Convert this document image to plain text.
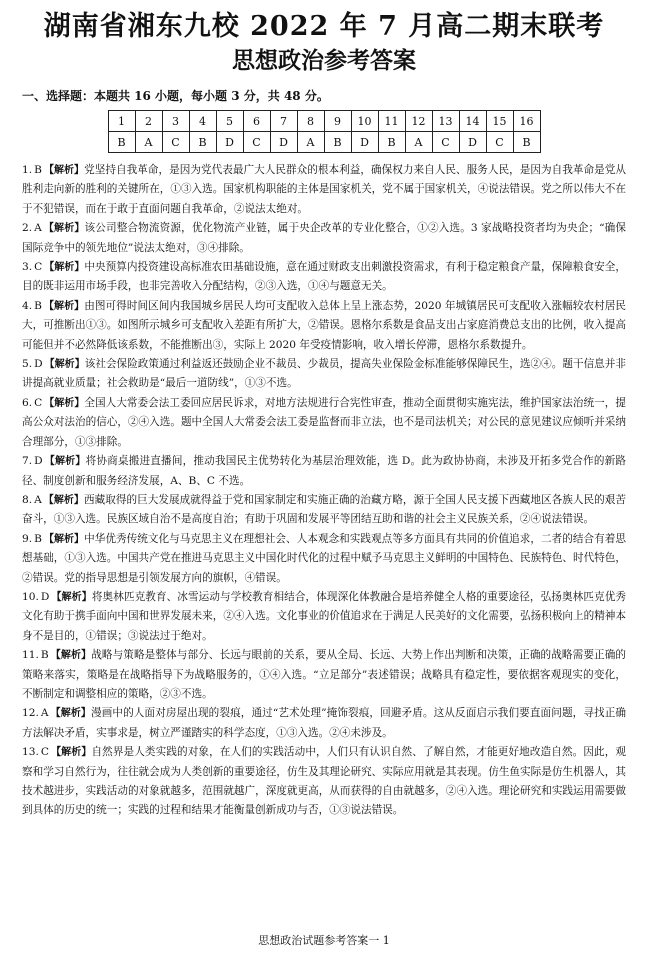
湖南省湘东九校 2022 年 7 月高二期末联考
思想政治参考答案
一、选择题：本题共 16 小题，每小题 3 分，共 48 分。
1	2	3	4	5	6	7	8	9	10	11	12	13	14	15	16
B	A	C	B	D	C	D	A	B	D	B	A	C	D	C	B

1. B 【解析】党坚持自我革命，是因为党代表最广大人民群众的根本利益，确保权力来自人民、服务人民，是因为自我革命是党从胜利走向新的胜利的关键所在，①③入选。国家机构职能的主体是国家机关，党不属于国家机关，④说法错误。党之所以伟大不在于不犯错误，而在于敢于直面问题自我革命，②说法太绝对。

2. A 【解析】该公司整合物流资源，优化物流产业链，属于央企改革的专业化整合，①②入选。3 家战略投资者均为央企；“确保国际竞争中的领先地位”说法太绝对，③④排除。

3. C 【解析】中央预算内投资建设高标准农田基础设施，意在通过财政支出刺激投资需求，有利于稳定粮食产量，保障粮食安全，目的既非运用市场手段，也非完善收入分配结构，②③入选，①④与题意无关。

4. B 【解析】由图可得时间区间内我国城乡居民人均可支配收入总体上呈上涨态势，2020 年城镇居民可支配收入涨幅较农村居民大，可推断出①③。如图所示城乡可支配收入差距有所扩大，②错误。恩格尔系数是食品支出占家庭消费总支出的比例，收入提高可能但并不必然降低该系数，不能推断出③，实际上 2020 年受疫情影响，收入增长停滞，恩格尔系数提升。

5. D 【解析】该社会保险政策通过利益返还鼓励企业不裁员、少裁员，提高失业保险金标准能够保障民生，选②④。题干信息并非讲提高就业质量；社会救助是“最后一道防线”，①③不选。

6. C 【解析】全国人大常委会法工委回应居民诉求，对地方法规进行合宪性审查，推动全面贯彻实施宪法，维护国家法治统一，提高公众对法治的信心，②④入选。题中全国人大常委会法工委是监督而非立法，也不是司法机关；对公民的意见建议应倾听并采纳合理部分，①③排除。

7. D 【解析】将协商桌搬进直播间，推动我国民主优势转化为基层治理效能，选 D。此为政协协商，未涉及开拓多党合作的新路径、制度创新和服务经济发展，A、B、C 不选。

8. A 【解析】西藏取得的巨大发展成就得益于党和国家制定和实施正确的治藏方略，源于全国人民支援下西藏地区各族人民的艰苦奋斗，①③入选。民族区域自治不是高度自治；有助于巩固和发展平等团结互助和谐的社会主义民族关系，②④说法错误。

9. B 【解析】中华优秀传统文化与马克思主义在理想社会、人本观念和实践观点等多方面具有共同的价值追求，二者的结合有着思想基础，①③入选。中国共产党在推进马克思主义中国化时代化的过程中赋予马克思主义鲜明的中国特色、民族特色、时代特色，②错误。党的指导思想是引领发展方向的旗帜，④错误。

10. D 【解析】将奥林匹克教育、冰雪运动与学校教育相结合，体现深化体教融合是培养健全人格的重要途径，弘扬奥林匹克优秀文化有助于携手面向中国和世界发展未来，②④入选。文化事业的价值追求在于满足人民美好的文化需要，弘扬积极向上的精神本身不是目的，①错误；③说法过于绝对。

11. B 【解析】战略与策略是整体与部分、长远与眼前的关系，要从全局、长远、大势上作出判断和决策，正确的战略需要正确的策略来落实，策略是在战略指导下为战略服务的，①④入选。“立足部分”表述错误；战略具有稳定性，要依据客观现实的变化，不断制定和调整相应的策略，②③不选。

12. A 【解析】漫画中的人面对房屋出现的裂痕，通过“艺术处理”掩饰裂痕，回避矛盾。这从反面启示我们要直面问题，寻找正确方法解决矛盾，实事求是，树立严谨踏实的科学态度，①③入选。②④未涉及。

13. C 【解析】自然界是人类实践的对象，在人们的实践活动中，人们只有认识自然、了解自然，才能更好地改造自然。因此，观察和学习自然行为，往往就会成为人类创新的重要途径，仿生及其理论研究、实际应用就是其表现。仿生鱼实际是仿生机器人，其技术越进步，实践活动的对象就越多，范围就越广，深度就更高，从而获得的自由就越多，②④入选。理论研究和实践运用需要做到具体的历史的统一；实践的过程和结果才能衡量创新成功与否，①③说法错误。

思想政治试题参考答案一 1
